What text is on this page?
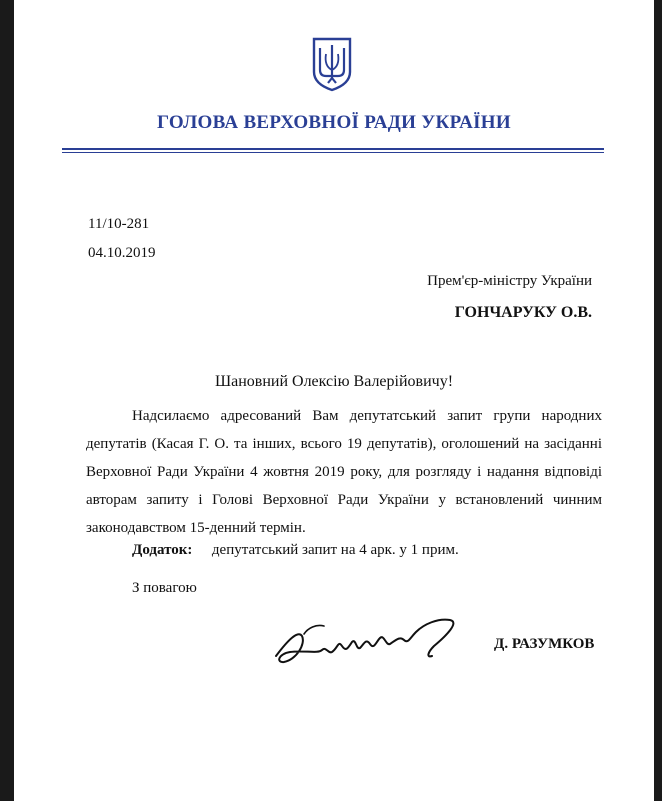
ГОЛОВА ВЕРХОВНОЇ РАДИ УКРАЇНИ
11/10-281
04.10.2019
Прем'єр-міністру України
ГОНЧАРУКУ О.В.
Шановний Олексію Валерійовичу!
Надсилаємо адресований Вам депутатський запит групи народних депутатів (Касая Г. О. та інших, всього 19 депутатів), оголошений на засіданні Верховної Ради України 4 жовтня 2019 року, для розгляду і надання відповіді авторам запиту і Голові Верховної Ради України у встановлений чинним законодавством 15-денний термін.
Додаток: депутатський запит на 4 арк. у 1 прим.
З повагою
Д. РАЗУМКОВ
